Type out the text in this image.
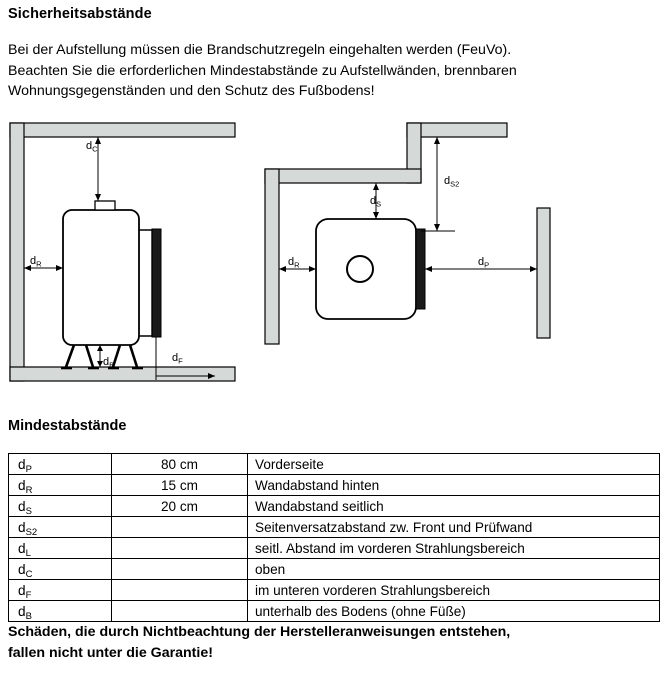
Sicherheitsabstände

Bei der Aufstellung müssen die Brandschutzregeln eingehalten werden (FeuVo).

Beachten Sie die erforderlichen Mindestabstände zu Aufstellwänden, brennbaren

Wohnungsgegenständen und den Schutz des Fußbodens!

$d_C$
$d_R$
$d_B$
$d_F$
$d_{S2}$
$d_S$
$d_R$	$d_P$
Mindestabstände
$d_P$	80 cm	Vorderseite
$d_R$	15 cm	Wandabstand hinten
$d_S$	20 cm	Wandabstand seitlich
$d_{S2}$		Seitenversatzabstand zw. Front und Prüfwand
$d_L$		seitl. Abstand im vorderen Strahlungsbereich
$d_C$		oben
$d_F$		im unteren vorderen Strahlungsbereich
$d_B$		unterhalb des Bodens (ohne Füße)

Schäden, die durch Nichtbeachtung der Herstelleranweisungen entstehen,

fallen nicht unter die Garantie!
